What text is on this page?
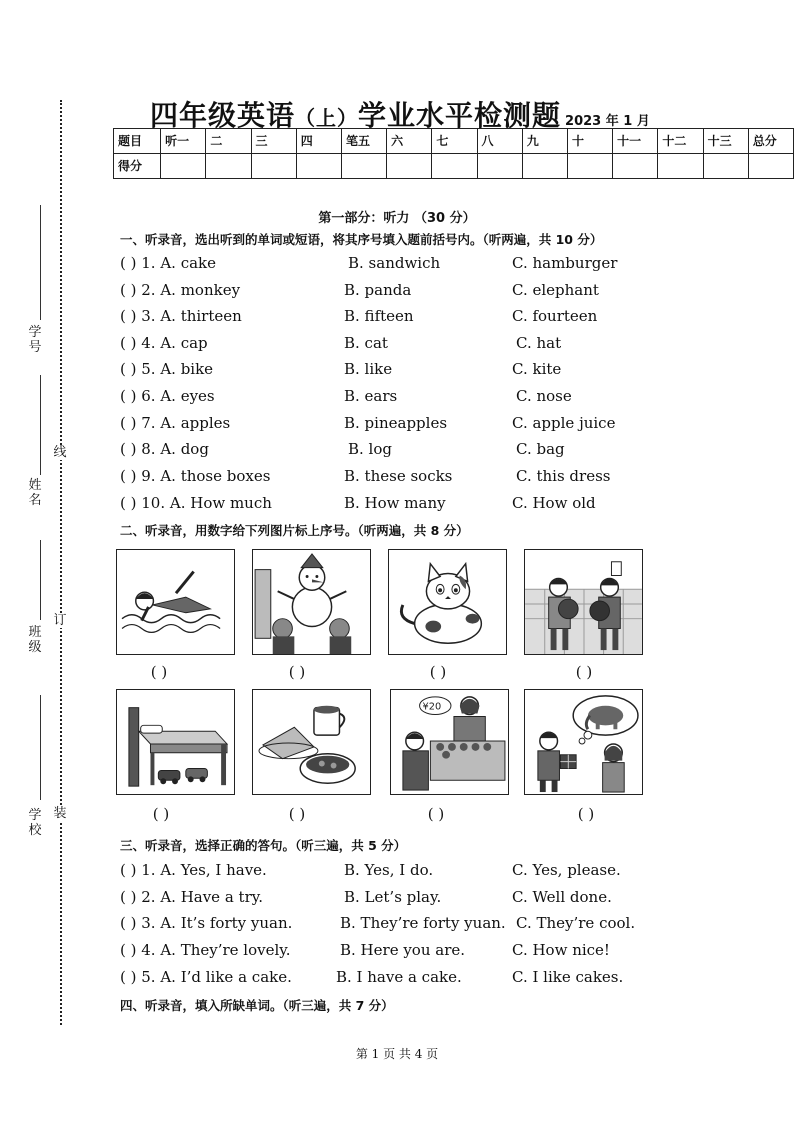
线
订
装
学号
姓名
班级
学校
四年级英语（上）学业水平检测题 2023 年 1 月
题目	听一	二	三	四	笔五	六	七	八	九	十	十一	十二	十三	总分
得分														
第一部分：听力 （30 分）
一、听录音，选出听到的单词或短语，将其序号填入题前括号内。（听两遍，共 10 分）
( ) 1. A. cake	B. sandwich	C. hamburger
( ) 2. A. monkey	B. panda	C. elephant
( ) 3. A. thirteen	B. fifteen	C. fourteen
( ) 4. A. cap	B. cat	C. hat
( ) 5. A. bike	B. like	C. kite
( ) 6. A. eyes	B. ears	C. nose
( ) 7. A. apples	B. pineapples	C. apple juice
( ) 8. A. dog	B. log	C. bag
( ) 9. A. those boxes	B. these socks	C. this dress
( ) 10. A. How much	B. How many	C. How old
二、听录音，用数字给下列图片标上序号。（听两遍，共 8 分）
( )	( )	( )	( )
¥20
( )	( )	( )	( )
三、听录音，选择正确的答句。（听三遍，共 5 分）
( ) 1. A. Yes, I have.	B. Yes, I do.	C. Yes, please.
( ) 2. A. Have a try.	B. Let’s play.	C. Well done.
( ) 3. A. It’s forty yuan.	B. They’re forty yuan. C. They’re cool.
( ) 4. A. They’re lovely.	B. Here you are.	C. How nice!
( ) 5. A. I’d like a cake.	B. I have a cake.	C. I like cakes.
四、听录音，填入所缺单词。（听三遍，共 7 分）
第 1 页 共 4 页
